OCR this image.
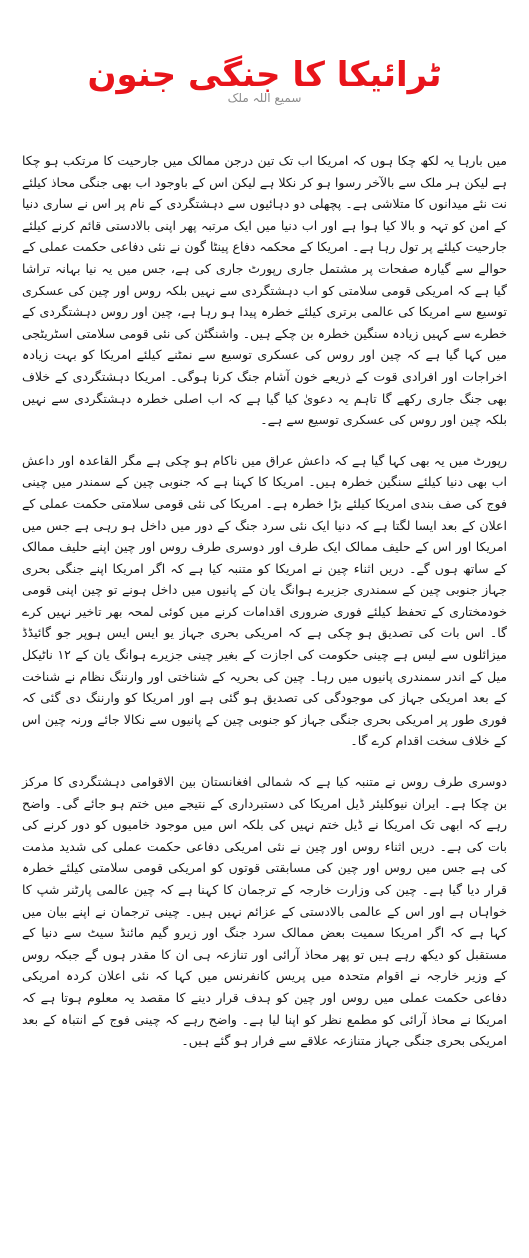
ٹرائیکا کا جنگی جنون
سمیع اللہ ملک

میں بارہا یہ لکھ چکا ہوں کہ امریکا اب تک تین درجن ممالک میں جارحیت کا مرتکب ہو چکا ہے لیکن ہر ملک سے بالآخر رسوا ہو کر نکلا ہے لیکن اس کے باوجود اب بھی جنگی محاذ کیلئے نت نئے میدانوں کا متلاشی ہے۔ پچھلی دو دہائیوں سے دہشتگردی کے نام پر اس نے ساری دنیا کے امن کو تہہ و بالا کیا ہوا ہے اور اب دنیا میں ایک مرتبہ پھر اپنی بالادستی قائم کرنے کیلئے جارحیت کیلئے پر تول رہا ہے۔ امریکا کے محکمہ دفاع پینٹا گون نے نئی دفاعی حکمت عملی کے حوالے سے گیارہ صفحات پر مشتمل جاری رپورٹ جاری کی ہے، جس میں یہ نیا بہانہ تراشا گیا ہے کہ امریکی قومی سلامتی کو اب دہشتگردی سے نہیں بلکہ روس اور چین کی عسکری توسیع سے امریکا کی عالمی برتری کیلئے خطرہ پیدا ہو رہا ہے، چین اور روس دہشتگردی کے خطرے سے کہیں زیادہ سنگین خطرہ بن چکے ہیں۔ واشنگٹن کی نئی قومی سلامتی اسٹریٹجی میں کہا گیا ہے کہ چین اور روس کی عسکری توسیع سے نمٹنے کیلئے امریکا کو بہت زیادہ اخراجات اور افرادی قوت کے ذریعے خون آشام جنگ کرنا ہوگی۔ امریکا دہشتگردی کے خلاف بھی جنگ جاری رکھے گا تاہم یہ دعویٰ کیا گیا ہے کہ اب اصلی خطرہ دہشتگردی سے نہیں بلکہ چین اور روس کی عسکری توسیع سے ہے۔

رپورٹ میں یہ بھی کہا گیا ہے کہ داعش عراق میں ناکام ہو چکی ہے مگر القاعدہ اور داعش اب بھی دنیا کیلئے سنگین خطرہ ہیں۔ امریکا کا کہنا ہے کہ جنوبی چین کے سمندر میں چینی فوج کی صف بندی امریکا کیلئے بڑا خطرہ ہے۔ امریکا کی نئی قومی سلامتی حکمت عملی کے اعلان کے بعد ایسا لگتا ہے کہ دنیا ایک نئی سرد جنگ کے دور میں داخل ہو رہی ہے جس میں امریکا اور اس کے حلیف ممالک ایک طرف اور دوسری طرف روس اور چین اپنے حلیف ممالک کے ساتھ ہوں گے۔ دریں اثناء چین نے امریکا کو متنبہ کیا ہے کہ اگر امریکا اپنے جنگی بحری جہاز جنوبی چین کے سمندری جزیرے ہوانگ یان کے پانیوں میں داخل ہونے تو چین اپنی قومی خودمختاری کے تحفظ کیلئے فوری ضروری اقدامات کرنے میں کوئی لمحہ بھر تاخیر نہیں کرے گا۔ اس بات کی تصدیق ہو چکی ہے کہ امریکی بحری جہاز یو ایس ایس ہوپر جو گائیڈڈ میزائلوں سے لیس ہے چینی حکومت کی اجازت کے بغیر چینی جزیرے ہوانگ یان کے ۱۲ ناٹیکل میل کے اندر سمندری پانیوں میں رہا۔ چین کی بحریہ کے شناختی اور وارننگ نظام نے شناخت کے بعد امریکی جہاز کی موجودگی کی تصدیق ہو گئی ہے اور امریکا کو وارننگ دی گئی کہ فوری طور پر امریکی بحری جنگی جہاز کو جنوبی چین کے پانیوں سے نکالا جائے ورنہ چین اس کے خلاف سخت اقدام کرے گا۔

دوسری طرف روس نے متنبہ کیا ہے کہ شمالی افغانستان بین الاقوامی دہشتگردی کا مرکز بن چکا ہے۔ ایران نیوکلیئر ڈیل امریکا کی دستبرداری کے نتیجے میں ختم ہو جائے گی۔ واضح رہے کہ ابھی تک امریکا نے ڈیل ختم نہیں کی بلکہ اس میں موجود خامیوں کو دور کرنے کی بات کی ہے۔ دریں اثناء روس اور چین نے نئی امریکی دفاعی حکمت عملی کی شدید مذمت کی ہے جس میں روس اور چین کی مسابقتی قوتوں کو امریکی قومی سلامتی کیلئے خطرہ قرار دیا گیا ہے۔ چین کی وزارت خارجہ کے ترجمان کا کہنا ہے کہ چین عالمی پارٹنر شپ کا خواہاں ہے اور اس کے عالمی بالادستی کے عزائم نہیں ہیں۔ چینی ترجمان نے اپنے بیان میں کہا ہے کہ اگر امریکا سمیت بعض ممالک سرد جنگ اور زیرو گیم مائنڈ سیٹ سے دنیا کے مستقبل کو دیکھ رہے ہیں تو پھر محاذ آرائی اور تنازعہ ہی ان کا مقدر ہوں گے جبکہ روس کے وزیر خارجہ نے اقوام متحدہ میں پریس کانفرنس میں کہا کہ نئی اعلان کردہ امریکی دفاعی حکمت عملی میں روس اور چین کو ہدف قرار دینے کا مقصد یہ معلوم ہوتا ہے کہ امریکا نے محاذ آرائی کو مطمع نظر کو اپنا لیا ہے۔ واضح رہے کہ چینی فوج کے انتباہ کے بعد امریکی بحری جنگی جہاز متنازعہ علاقے سے فرار ہو گئے ہیں۔
